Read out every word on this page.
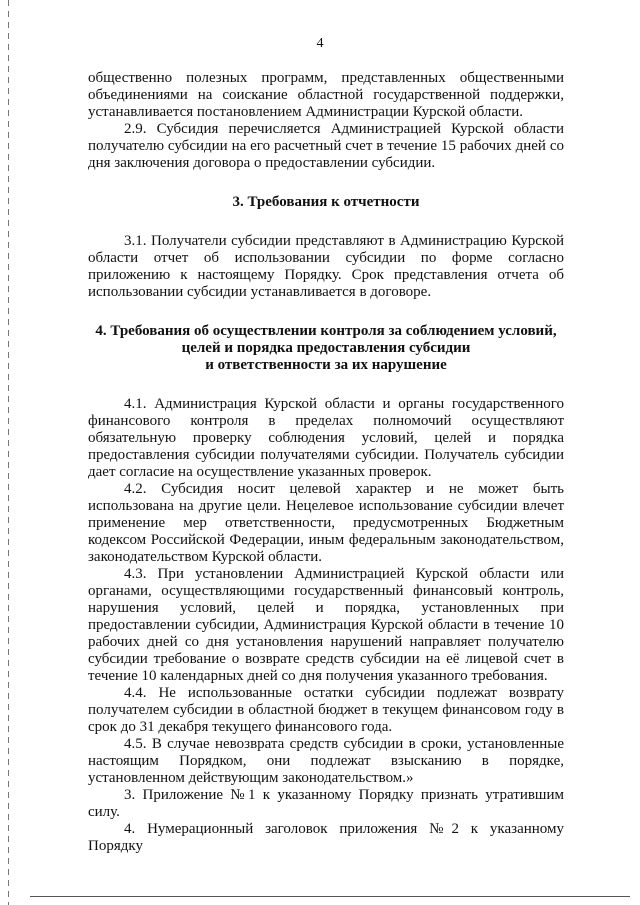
4

общественно полезных программ, представленных общественными объединениями на соискание областной государственной поддержки, устанавливается постановлением Администрации Курской области.

2.9. Субсидия перечисляется Администрацией Курской области получателю субсидии на его расчетный счет в течение 15 рабочих дней со дня заключения договора о предоставлении субсидии.

3. Требования к отчетности

3.1. Получатели субсидии представляют в Администрацию Курской области отчет об использовании субсидии по форме согласно приложению к настоящему Порядку. Срок представления отчета об использовании субсидии устанавливается в договоре.

4. Требования об осуществлении контроля за соблюдением условий,
целей и порядка предоставления субсидии
и ответственности за их нарушение

4.1. Администрация Курской области и органы государственного финансового контроля в пределах полномочий осуществляют обязательную проверку соблюдения условий, целей и порядка предоставления субсидии получателями субсидии. Получатель субсидии дает согласие на осуществление указанных проверок.

4.2. Субсидия носит целевой характер и не может быть использована на другие цели. Нецелевое использование субсидии влечет применение мер ответственности, предусмотренных Бюджетным кодексом Российской Федерации, иным федеральным законодательством, законодательством Курской области.

4.3. При установлении Администрацией Курской области или органами, осуществляющими государственный финансовый контроль, нарушения условий, целей и порядка, установленных при предоставлении субсидии, Администрация Курской области в течение 10 рабочих дней со дня установления нарушений направляет получателю субсидии требование о возврате средств субсидии на её лицевой счет в течение 10 календарных дней со дня получения указанного требования.

4.4. Не использованные остатки субсидии подлежат возврату получателем субсидии в областной бюджет в текущем финансовом году в срок до 31 декабря текущего финансового года.

4.5. В случае невозврата средств субсидии в сроки, установленные настоящим Порядком, они подлежат взысканию в порядке, установленном действующим законодательством.»

3. Приложение №1 к указанному Порядку признать утратившим силу.

4. Нумерационный заголовок приложения №2 к указанному Порядку
